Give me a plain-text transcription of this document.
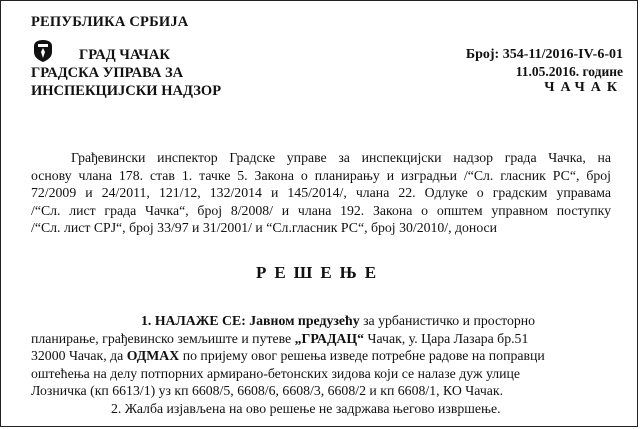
РЕПУБЛИКА СРБИЈА
ГРАД ЧАЧАК
ГРАДСКА УПРАВА ЗА
ИНСПЕКЦИЈСКИ НАДЗОР
Број: 354-11/2016-IV-6-01
11.05.2016. године
ЧАЧАК
Грађевински инспектор Градске управе за инспекцијски надзор града Чачка, на
основу члана 178. став 1. тачке 5. Закона о планирању и изградњи /“Сл. гласник РС“, број
72/2009 и 24/2011, 121/12, 132/2014 и 145/2014/, члана 22. Одлуке о градским управама
/“Сл. лист града Чачка“, број 8/2008/ и члана 192. Закона о општем управном поступку
/“Сл. лист СРЈ“, број 33/97 и 31/2001/ и “Сл.гласник РС“, број 30/2010/, доноси
РЕШЕЊЕ
1. НАЛАЖЕ СЕ: Јавном предузећу за урбанистичко и просторно
планирање, грађевинско земљиште и путеве „ГРАДАЦ“ Чачак, у. Цара Лазара бр.51
32000 Чачак, да ОДМАХ по пријему овог решења изведе потребне радове на поправци
оштећења на делу потпорних армирано-бетонских зидова који се налазе дуж улице
Лозничка (кп 6613/1) уз кп 6608/5, 6608/6, 6608/3, 6608/2 и кп 6608/1, КО Чачак.
2. Жалба изјављена на ово решење не задржава његово извршење.
